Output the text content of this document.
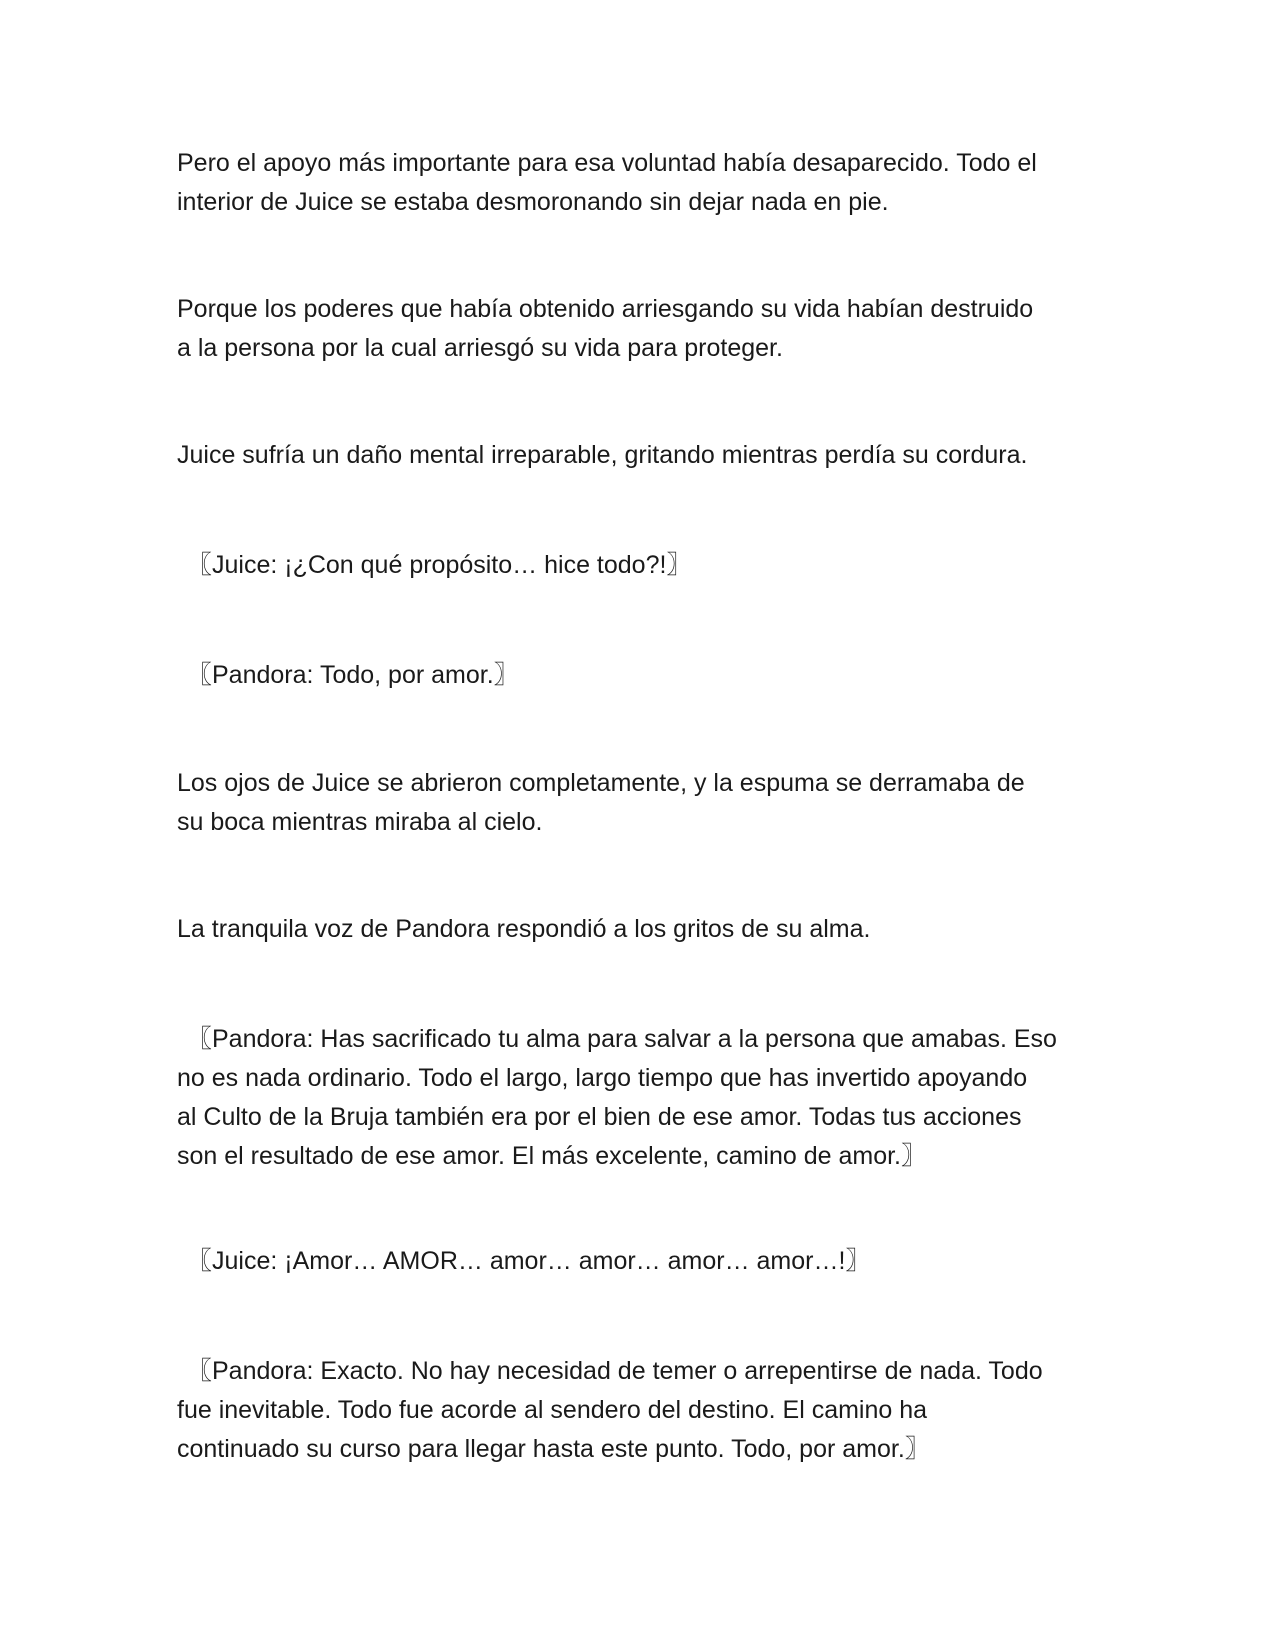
Pero el apoyo más importante para esa voluntad había desaparecido. Todo el
interior de Juice se estaba desmoronando sin dejar nada en pie.

Porque los poderes que había obtenido arriesgando su vida habían destruido
a la persona por la cual arriesgó su vida para proteger.

Juice sufría un daño mental irreparable, gritando mientras perdía su cordura.

〖Juice: ¡¿Con qué propósito… hice todo?!〗

〖Pandora: Todo, por amor.〗

Los ojos de Juice se abrieron completamente, y la espuma se derramaba de
su boca mientras miraba al cielo.

La tranquila voz de Pandora respondió a los gritos de su alma.

〖Pandora: Has sacrificado tu alma para salvar a la persona que amabas. Eso
no es nada ordinario. Todo el largo, largo tiempo que has invertido apoyando
al Culto de la Bruja también era por el bien de ese amor. Todas tus acciones
son el resultado de ese amor. El más excelente, camino de amor.〗

〖Juice: ¡Amor… AMOR… amor… amor… amor… amor…!〗

〖Pandora: Exacto. No hay necesidad de temer o arrepentirse de nada. Todo
fue inevitable. Todo fue acorde al sendero del destino. El camino ha
continuado su curso para llegar hasta este punto. Todo, por amor.〗
